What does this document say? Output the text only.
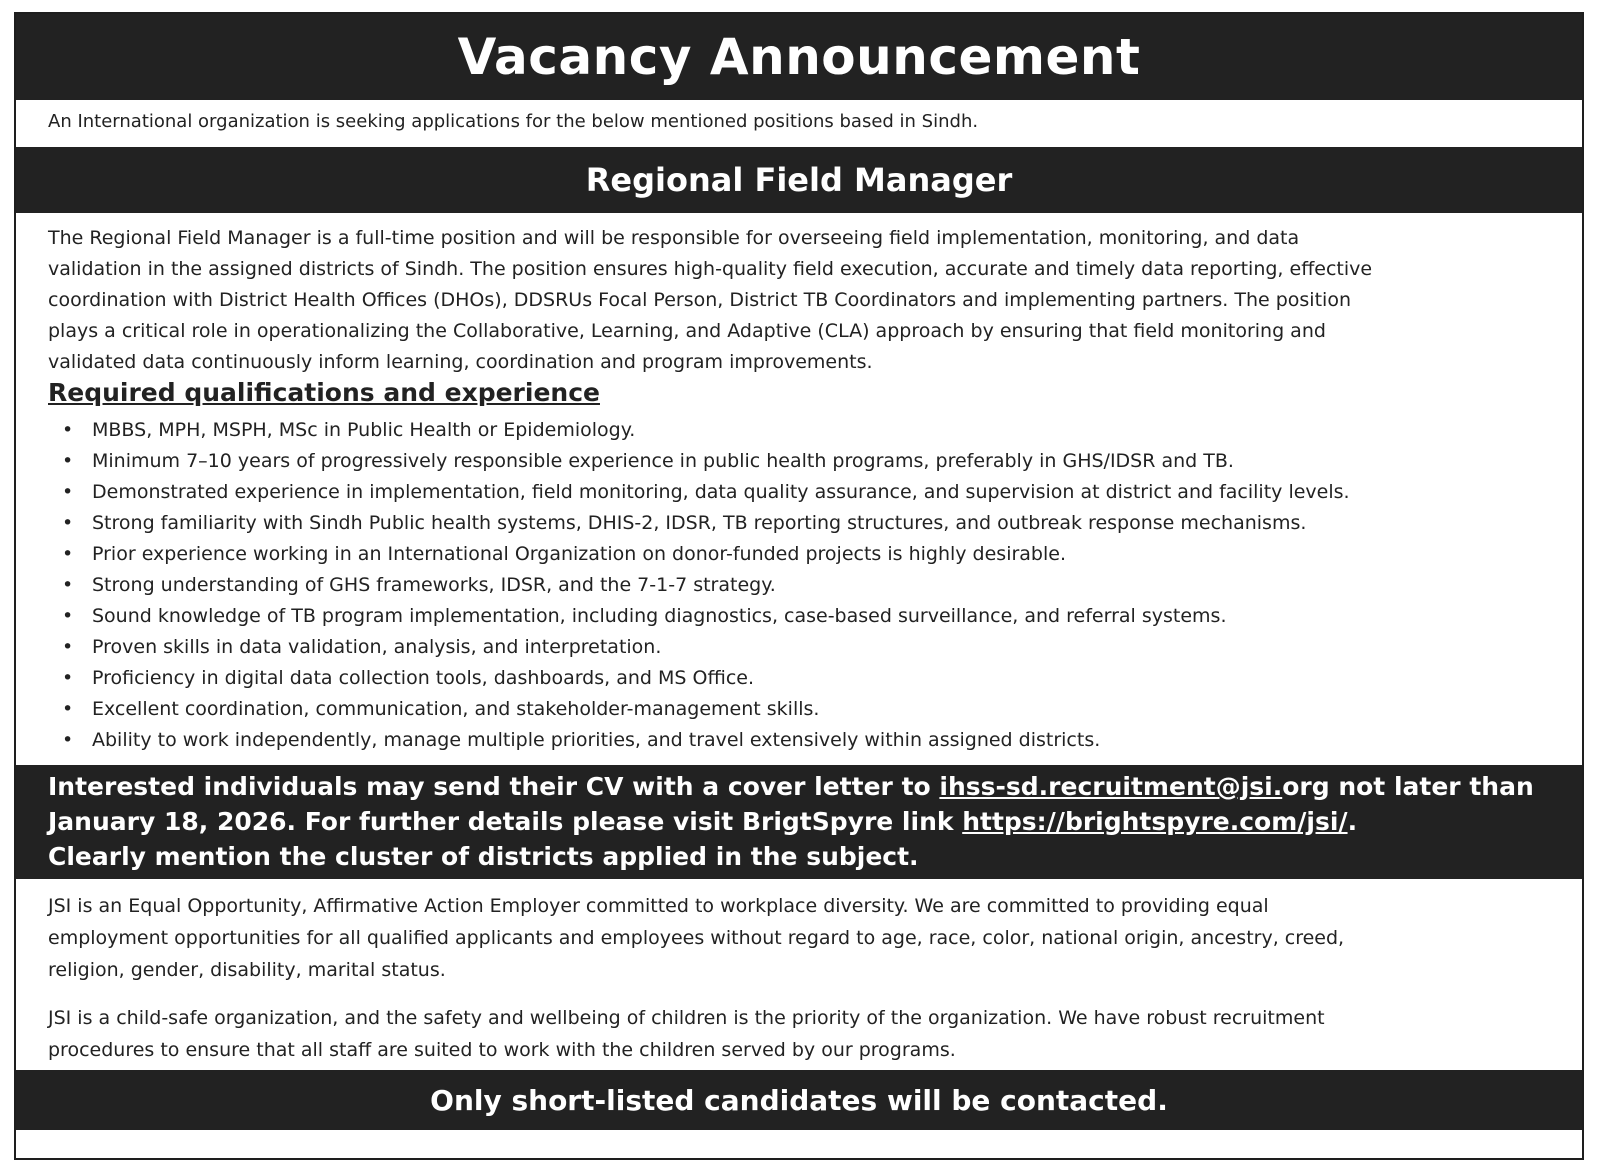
Vacancy Announcement
An International organization is seeking applications for the below mentioned positions based in Sindh.
Regional Field Manager

The Regional Field Manager is a full-time position and will be responsible for overseeing field implementation, monitoring, and data

validation in the assigned districts of Sindh. The position ensures high-quality field execution, accurate and timely data reporting, effective

coordination with District Health Offices (DHOs), DDSRUs Focal Person, District TB Coordinators and implementing partners. The position

plays a critical role in operationalizing the Collaborative, Learning, and Adaptive (CLA) approach by ensuring that field monitoring and

validated data continuously inform learning, coordination and program improvements.

Required qualifications and experience
• MBBS, MPH, MSPH, MSc in Public Health or Epidemiology.
• Minimum 7–10 years of progressively responsible experience in public health programs, preferably in GHS/IDSR and TB.
• Demonstrated experience in implementation, field monitoring, data quality assurance, and supervision at district and facility levels.
• Strong familiarity with Sindh Public health systems, DHIS-2, IDSR, TB reporting structures, and outbreak response mechanisms.
• Prior experience working in an International Organization on donor-funded projects is highly desirable.
• Strong understanding of GHS frameworks, IDSR, and the 7-1-7 strategy.
• Sound knowledge of TB program implementation, including diagnostics, case-based surveillance, and referral systems.
• Proven skills in data validation, analysis, and interpretation.
• Proficiency in digital data collection tools, dashboards, and MS Office.
• Excellent coordination, communication, and stakeholder-management skills.
• Ability to work independently, manage multiple priorities, and travel extensively within assigned districts.

Interested individuals may send their CV with a cover letter to ihss-sd.recruitment@jsi.org not later than

January 18, 2026. For further details please visit BrigtSpyre link https://brightspyre.com/jsi/.

Clearly mention the cluster of districts applied in the subject.

JSI is an Equal Opportunity, Affirmative Action Employer committed to workplace diversity. We are committed to providing equal

employment opportunities for all qualified applicants and employees without regard to age, race, color, national origin, ancestry, creed,

religion, gender, disability, marital status.

JSI is a child-safe organization, and the safety and wellbeing of children is the priority of the organization. We have robust recruitment

procedures to ensure that all staff are suited to work with the children served by our programs.

Only short-listed candidates will be contacted.
